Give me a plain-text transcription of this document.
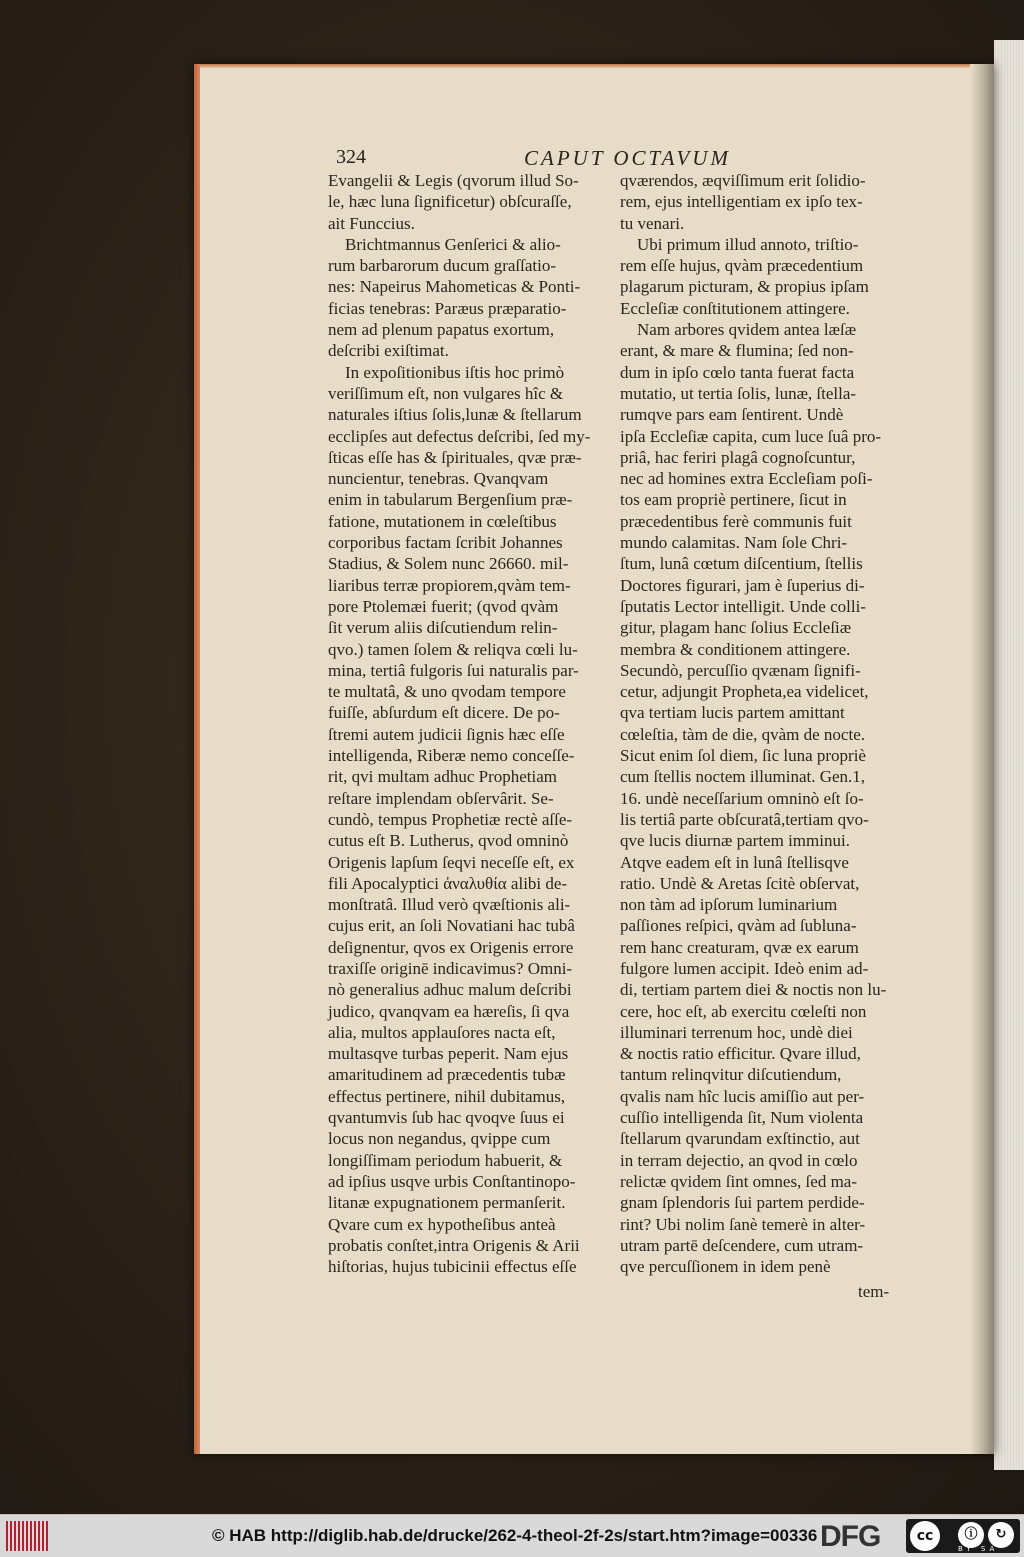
324	CAPUT OCTAVUM
Evangelii & Legis (qvorum illud So-
le, hæc luna ſignificetur) obſcuraſſe,
ait Funccius.
Brichtmannus Genſerici & alio-
rum barbarorum ducum graſſatio-
nes: Napeirus Mahometicas & Ponti-
ficias tenebras: Paræus præparatio-
nem ad plenum papatus exortum,
deſcribi exiſtimat.
In expoſitionibus iſtis hoc primò
veriſſimum eſt, non vulgares hîc &
naturales iſtius ſolis,lunæ & ſtellarum
ecclipſes aut defectus deſcribi, ſed my-
ſticas eſſe has & ſpirituales, qvæ præ-
nuncientur, tenebras. Qvanqvam
enim in tabularum Bergenſium præ-
fatione, mutationem in cœleſtibus
corporibus factam ſcribit Johannes
Stadius, & Solem nunc 26660. mil-
liaribus terræ propiorem,qvàm tem-
pore Ptolemæi fuerit; (qvod qvàm
ſit verum aliis diſcutiendum relin-
qvo.) tamen ſolem & reliqva cœli lu-
mina, tertiâ fulgoris ſui naturalis par-
te multatâ, & uno qvodam tempore
fuiſſe, abſurdum eſt dicere. De po-
ſtremi autem judicii ſignis hæc eſſe
intelligenda, Riberæ nemo conceſſe-
rit, qvi multam adhuc Prophetiam
reſtare implendam obſervârit. Se-
cundò, tempus Prophetiæ rectè aſſe-
cutus eſt B. Lutherus, qvod omninò
Origenis lapſum ſeqvi neceſſe eſt, ex
fili Apocalyptici ἀναλυθία alibi de-
monſtratâ. Illud verò qvæſtionis ali-
cujus erit, an ſoli Novatiani hac tubâ
deſignentur, qvos ex Origenis errore
traxiſſe originē indicavimus? Omni-
nò generalius adhuc malum deſcribi
judico, qvanqvam ea hæreſis, ſi qva
alia, multos applauſores nacta eſt,
multasqve turbas peperit. Nam ejus
amaritudinem ad præcedentis tubæ
effectus pertinere, nihil dubitamus,
qvantumvis ſub hac qvoqve ſuus ei
locus non negandus, qvippe cum
longiſſimam periodum habuerit, &
ad ipſius usqve urbis Conſtantinopo-
litanæ expugnationem permanſerit.
Qvare cum ex hypotheſibus anteà
probatis conſtet,intra Origenis & Arii
hiſtorias, hujus tubicinii effectus eſſe
qværendos, æqviſſimum erit ſolidio-
rem, ejus intelligentiam ex ipſo tex-
tu venari.
Ubi primum illud annoto, triſtio-
rem eſſe hujus, qvàm præcedentium
plagarum picturam, & propius ipſam
Eccleſiæ conſtitutionem attingere.
Nam arbores qvidem antea læſæ
erant, & mare & flumina; ſed non-
dum in ipſo cœlo tanta fuerat facta
mutatio, ut tertia ſolis, lunæ, ſtella-
rumqve pars eam ſentirent. Undè
ipſa Eccleſiæ capita, cum luce ſuâ pro-
priâ, hac feriri plagâ cognoſcuntur,
nec ad homines extra Eccleſiam poſi-
tos eam propriè pertinere, ſicut in
præcedentibus ferè communis fuit
mundo calamitas. Nam ſole Chri-
ſtum, lunâ cœtum diſcentium, ſtellis
Doctores figurari, jam è ſuperius di-
ſputatis Lector intelligit. Unde colli-
gitur, plagam hanc ſolius Eccleſiæ
membra & conditionem attingere.
Secundò, percuſſio qvænam ſignifi-
cetur, adjungit Propheta,ea videlicet,
qva tertiam lucis partem amittant
cœleſtia, tàm de die, qvàm de nocte.
Sicut enim ſol diem, ſic luna propriè
cum ſtellis noctem illuminat. Gen.1,
16. undè neceſſarium omninò eſt ſo-
lis tertiâ parte obſcuratâ,tertiam qvo-
qve lucis diurnæ partem imminui.
Atqve eadem eſt in lunâ ſtellisqve
ratio. Undè & Aretas ſcitè obſervat,
non tàm ad ipſorum luminarium
paſſiones reſpici, qvàm ad ſubluna-
rem hanc creaturam, qvæ ex earum
fulgore lumen accipit. Ideò enim ad-
di, tertiam partem diei & noctis non lu-
cere, hoc eſt, ab exercitu cœleſti non
illuminari terrenum hoc, undè diei
& noctis ratio efficitur. Qvare illud,
tantum relinqvitur diſcutiendum,
qvalis nam hîc lucis amiſſio aut per-
cuſſio intelligenda ſit, Num violenta
ſtellarum qvarundam exſtinctio, aut
in terram dejectio, an qvod in cœlo
relictæ qvidem ſint omnes, ſed ma-
gnam ſplendoris ſui partem perdide-
rint? Ubi nolim ſanè temerè in alter-
utram partē deſcendere, cum utram-
qve percuſſionem in idem penè
tem-
© HAB http://diglib.hab.de/drucke/262-4-theol-2f-2s/start.htm?image=00336 DFG	cc	ⓘ	↻
BY SA
